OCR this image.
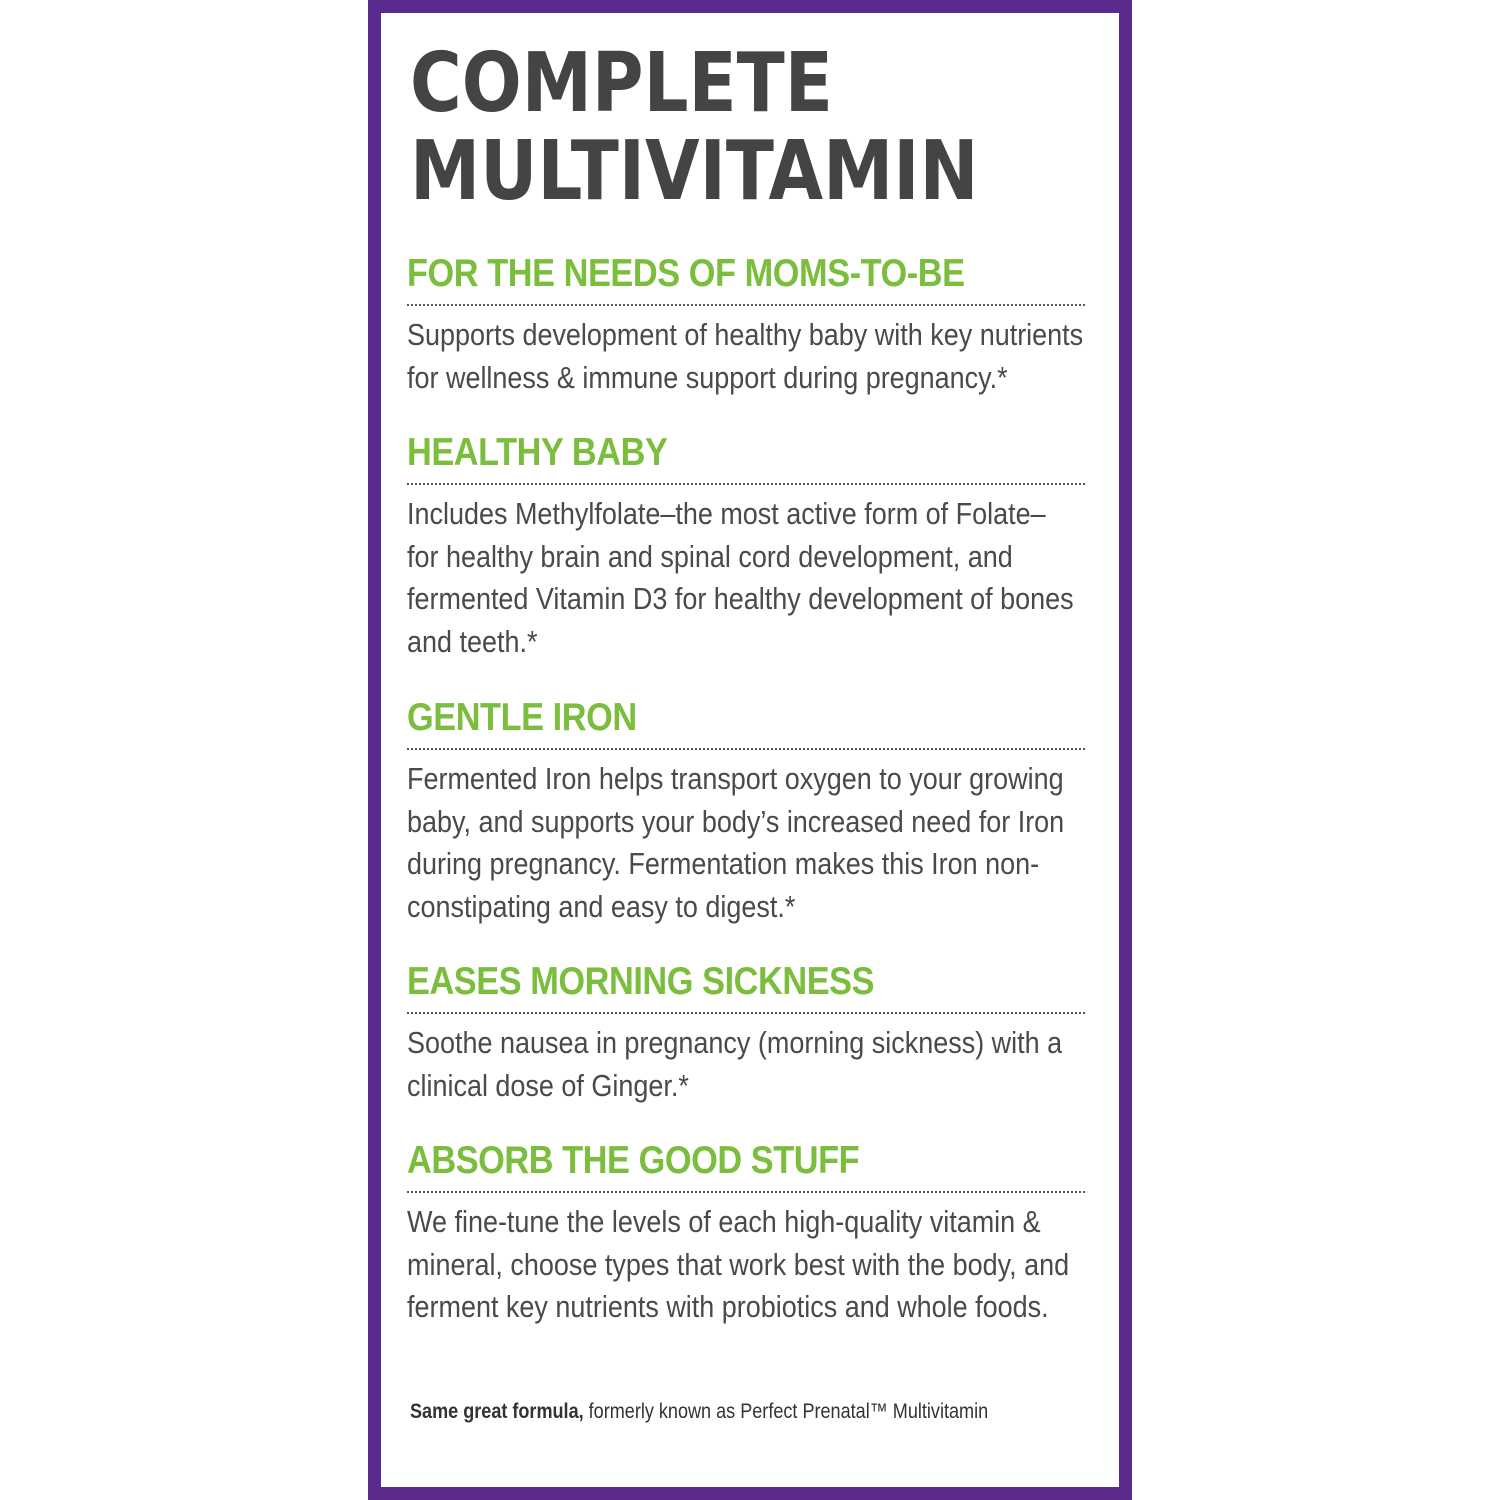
COMPLETE
MULTIVITAMIN
FOR THE NEEDS OF MOMS-TO-BE
Supports development of healthy baby with key nutrients
for wellness & immune support during pregnancy.*
HEALTHY BABY
Includes Methylfolate–the most active form of Folate–
for healthy brain and spinal cord development, and
fermented Vitamin D3 for healthy development of bones
and teeth.*
GENTLE IRON
Fermented Iron helps transport oxygen to your growing
baby, and supports your body’s increased need for Iron
during pregnancy. Fermentation makes this Iron non-
constipating and easy to digest.*
EASES MORNING SICKNESS
Soothe nausea in pregnancy (morning sickness) with a
clinical dose of Ginger.*
ABSORB THE GOOD STUFF
We fine-tune the levels of each high-quality vitamin &
mineral, choose types that work best with the body, and
ferment key nutrients with probiotics and whole foods.
Same great formula, formerly known as Perfect Prenatal™ Multivitamin
